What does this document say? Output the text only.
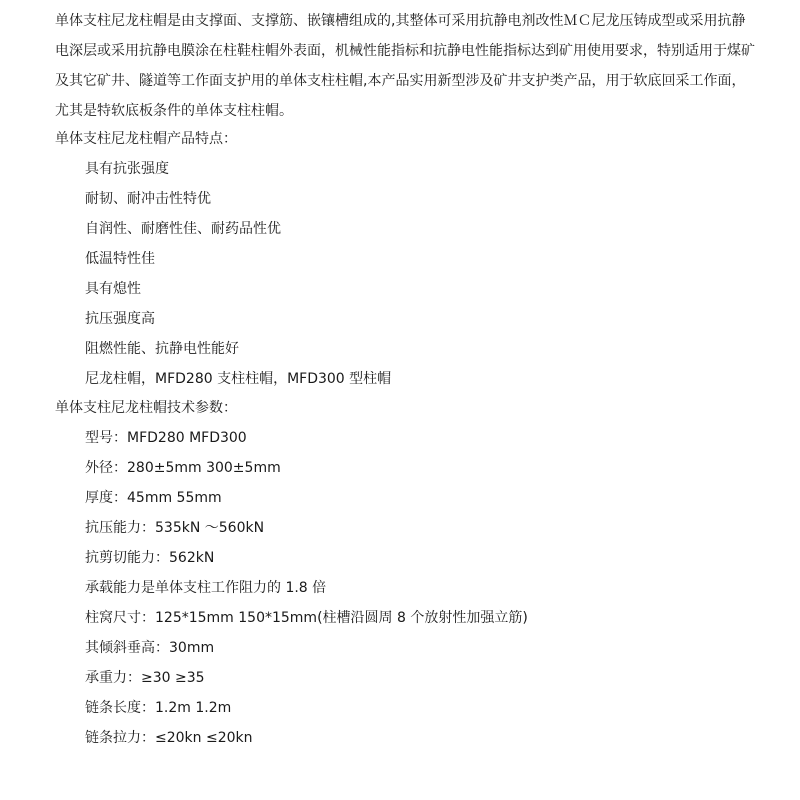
单体支柱尼龙柱帽是由支撑面、支撑筋、嵌镶槽组成的,其整体可采用抗静电剂改性ＭＣ尼龙压铸成型或采用抗静电深层或采用抗静电膜涂在柱鞋柱帽外表面，机械性能指标和抗静电性能指标达到矿用使用要求，特别适用于煤矿及其它矿井、隧道等工作面支护用的单体支柱柱帽,本产品实用新型涉及矿井支护类产品，用于软底回采工作面，尤其是特软底板条件的单体支柱柱帽。

单体支柱尼龙柱帽产品特点：

具有抗张强度
耐韧、耐冲击性特优
自润性、耐磨性佳、耐药品性优
低温特性佳
具有熄性
抗压强度高
阻燃性能、抗静电性能好
尼龙柱帽，MFD280 支柱柱帽，MFD300 型柱帽

单体支柱尼龙柱帽技术参数：

型号：MFD280 MFD300
外径：280±5mm 300±5mm
厚度：45mm 55mm
抗压能力：535kN ～560kN
抗剪切能力：562kN
承载能力是单体支柱工作阻力的 1.8 倍
柱窝尺寸：125*15mm 150*15mm(柱槽沿圆周 8 个放射性加强立筋)
其倾斜垂高：30mm
承重力：≥30 ≥35
链条长度：1.2m 1.2m
链条拉力：≤20kn ≤20kn
